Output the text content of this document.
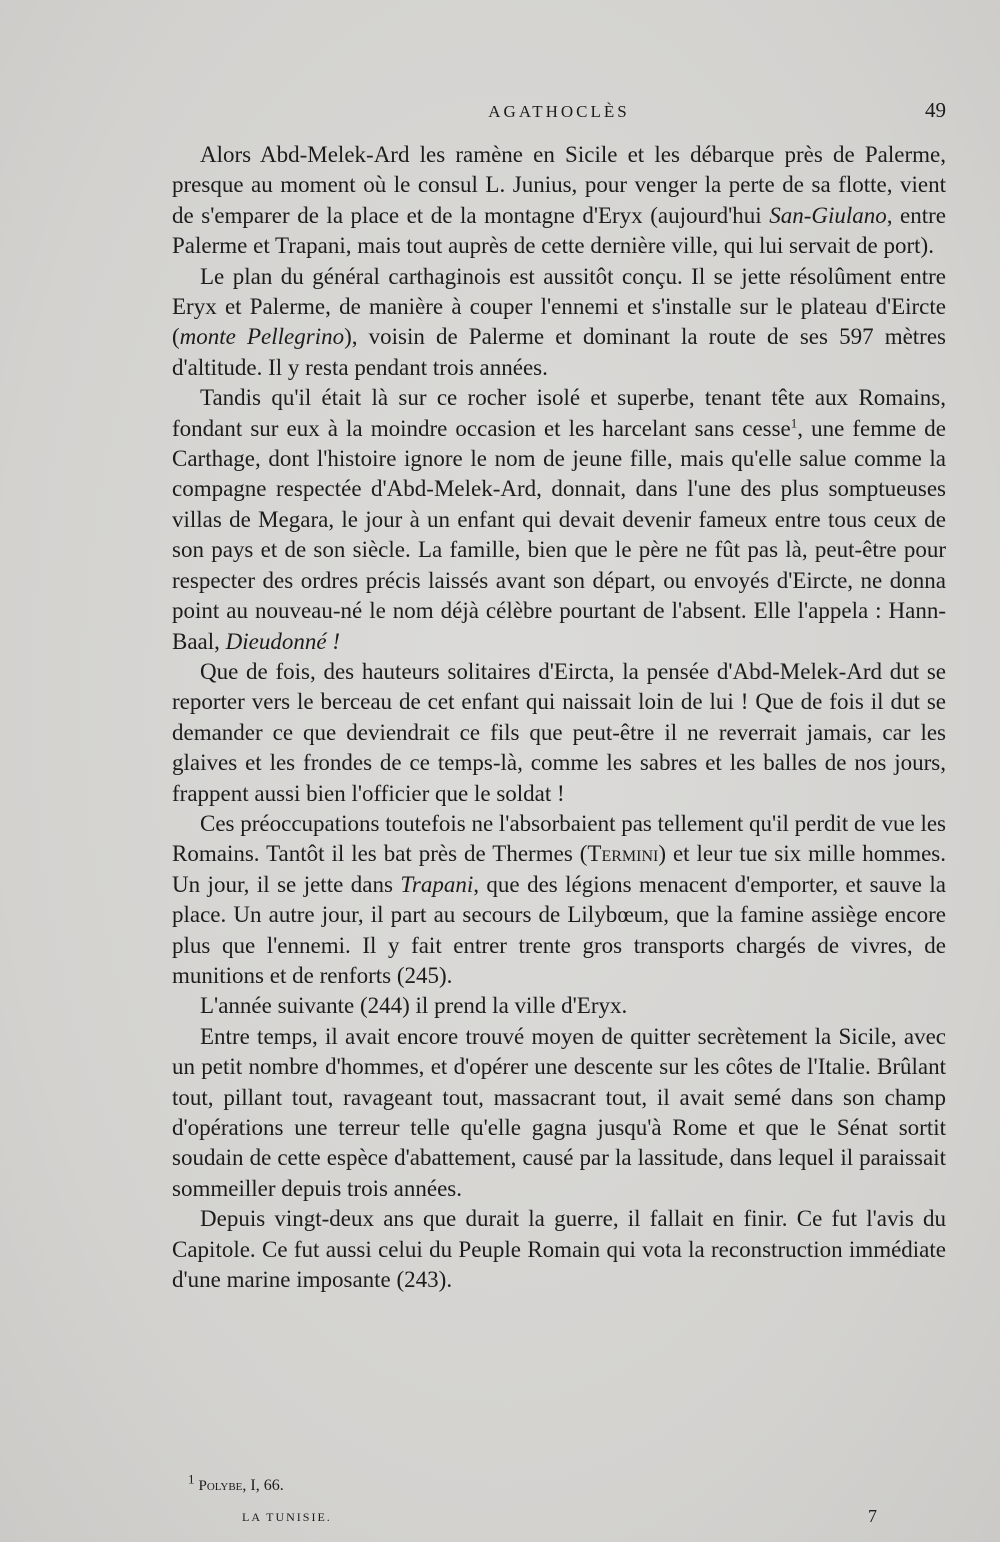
AGATHOCLÈS	49

Alors Abd-Melek-Ard les ramène en Sicile et les débarque près de Palerme, presque au moment où le consul L. Junius, pour venger la perte de sa flotte, vient de s'emparer de la place et de la montagne d'Eryx (aujourd'hui San-Giulano, entre Palerme et Trapani, mais tout auprès de cette dernière ville, qui lui servait de port).

Le plan du général carthaginois est aussitôt conçu. Il se jette résolûment entre Eryx et Palerme, de manière à couper l'ennemi et s'installe sur le plateau d'Eircte (monte Pellegrino), voisin de Palerme et dominant la route de ses 597 mètres d'altitude. Il y resta pendant trois années.

Tandis qu'il était là sur ce rocher isolé et superbe, tenant tête aux Romains, fondant sur eux à la moindre occasion et les harcelant sans cesse$^1$, une femme de Carthage, dont l'histoire ignore le nom de jeune fille, mais qu'elle salue comme la compagne respectée d'Abd-Melek-Ard, donnait, dans l'une des plus somptueuses villas de Megara, le jour à un enfant qui devait devenir fameux entre tous ceux de son pays et de son siècle. La famille, bien que le père ne fût pas là, peut-être pour respecter des ordres précis laissés avant son départ, ou envoyés d'Eircte, ne donna point au nouveau-né le nom déjà célèbre pourtant de l'absent. Elle l'appela : Hann-Baal, Dieudonné !

Que de fois, des hauteurs solitaires d'Eircta, la pensée d'Abd-Melek-Ard dut se reporter vers le berceau de cet enfant qui naissait loin de lui ! Que de fois il dut se demander ce que deviendrait ce fils que peut-être il ne reverrait jamais, car les glaives et les frondes de ce temps-là, comme les sabres et les balles de nos jours, frappent aussi bien l'officier que le soldat !

Ces préoccupations toutefois ne l'absorbaient pas tellement qu'il perdit de vue les Romains. Tantôt il les bat près de Thermes (Termini) et leur tue six mille hommes. Un jour, il se jette dans Trapani, que des légions menacent d'emporter, et sauve la place. Un autre jour, il part au secours de Lilybœum, que la famine assiège encore plus que l'ennemi. Il y fait entrer trente gros transports chargés de vivres, de munitions et de renforts (245).

L'année suivante (244) il prend la ville d'Eryx.

Entre temps, il avait encore trouvé moyen de quitter secrètement la Sicile, avec un petit nombre d'hommes, et d'opérer une descente sur les côtes de l'Italie. Brûlant tout, pillant tout, ravageant tout, massacrant tout, il avait semé dans son champ d'opérations une terreur telle qu'elle gagna jusqu'à Rome et que le Sénat sortit soudain de cette espèce d'abattement, causé par la lassitude, dans lequel il paraissait sommeiller depuis trois années.

Depuis vingt-deux ans que durait la guerre, il fallait en finir. Ce fut l'avis du Capitole. Ce fut aussi celui du Peuple Romain qui vota la reconstruction immédiate d'une marine imposante (243).

$^1$ Polybe, I, 66.
LA TUNISIE.	7
